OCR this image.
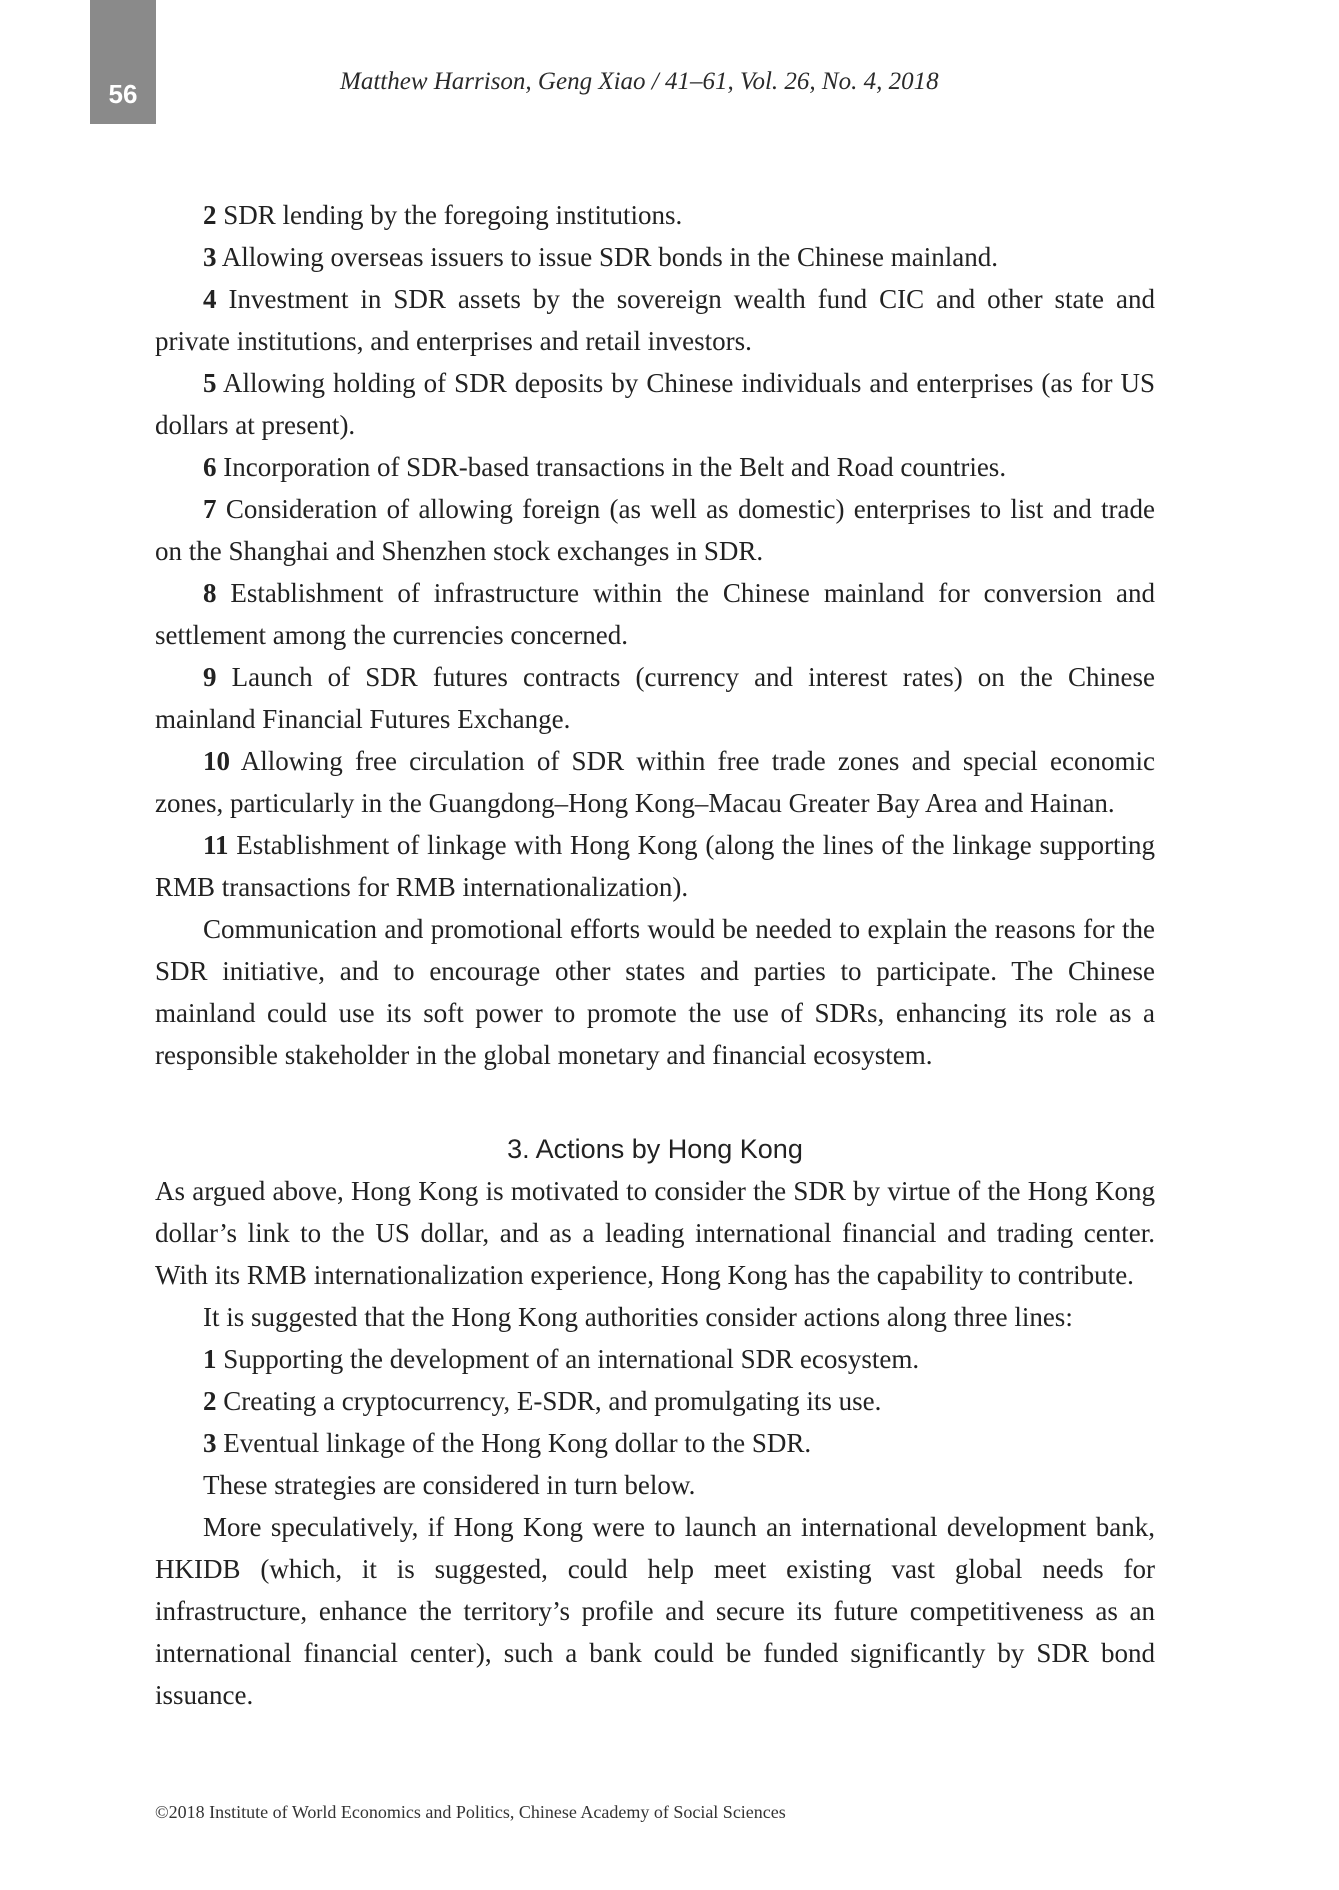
56	Matthew Harrison, Geng Xiao / 41–61, Vol. 26, No. 4, 2018

2 SDR lending by the foregoing institutions.

3 Allowing overseas issuers to issue SDR bonds in the Chinese mainland.

4 Investment in SDR assets by the sovereign wealth fund CIC and other state and private institutions, and enterprises and retail investors.

5 Allowing holding of SDR deposits by Chinese individuals and enterprises (as for US dollars at present).

6 Incorporation of SDR-based transactions in the Belt and Road countries.

7 Consideration of allowing foreign (as well as domestic) enterprises to list and trade on the Shanghai and Shenzhen stock exchanges in SDR.

8 Establishment of infrastructure within the Chinese mainland for conversion and settlement among the currencies concerned.

9 Launch of SDR futures contracts (currency and interest rates) on the Chinese mainland Financial Futures Exchange.

10 Allowing free circulation of SDR within free trade zones and special economic zones, particularly in the Guangdong–Hong Kong–Macau Greater Bay Area and Hainan.

11 Establishment of linkage with Hong Kong (along the lines of the linkage supporting RMB transactions for RMB internationalization).

Communication and promotional efforts would be needed to explain the reasons for the SDR initiative, and to encourage other states and parties to participate. The Chinese mainland could use its soft power to promote the use of SDRs, enhancing its role as a responsible stakeholder in the global monetary and financial ecosystem.

3. Actions by Hong Kong

As argued above, Hong Kong is motivated to consider the SDR by virtue of the Hong Kong dollar’s link to the US dollar, and as a leading international financial and trading center. With its RMB internationalization experience, Hong Kong has the capability to contribute.

It is suggested that the Hong Kong authorities consider actions along three lines:

1 Supporting the development of an international SDR ecosystem.

2 Creating a cryptocurrency, E-SDR, and promulgating its use.

3 Eventual linkage of the Hong Kong dollar to the SDR.

These strategies are considered in turn below.

More speculatively, if Hong Kong were to launch an international development bank, HKIDB (which, it is suggested, could help meet existing vast global needs for infrastructure, enhance the territory’s profile and secure its future competitiveness as an international financial center), such a bank could be funded significantly by SDR bond issuance.

©2018 Institute of World Economics and Politics, Chinese Academy of Social Sciences
